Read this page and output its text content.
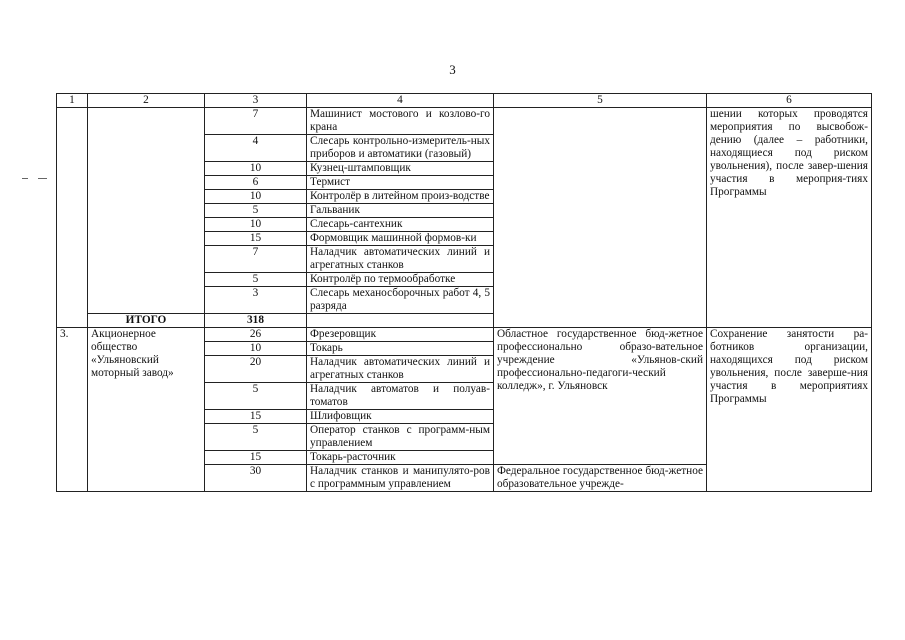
3
1	2	3	4	5	6
		7	Машинист мостового и козлово-го крана		шении которых проводятся мероприятия по высвобож-дению (далее – работники, находящиеся под риском увольнения), после завер-шения участия в мероприя-тиях Программы
		4	Слесарь контрольно-измеритель-ных приборов и автоматики (газовый)		
		10	Кузнец-штамповщик		
		6	Термист		
		10	Контролёр в литейном произ-водстве		
		5	Гальваник		
		10	Слесарь-сантехник		
		15	Формовщик машинной формов-ки		
		7	Наладчик автоматических линий и агрегатных станков		
		5	Контролёр по термообработке		
		3	Слесарь механосборочных работ 4, 5 разряда		
	ИТОГО	318			
3.	Акционерное общество «Ульяновский моторный завод»	26	Фрезеровщик	Областное государственное бюд-жетное профессионально образо-вательное учреждение «Ульянов-ский профессионально-педагоги-ческий колледж», г. Ульяновск	Сохранение занятости ра-ботников организации, находящихся под риском увольнения, после заверше-ния участия в мероприятиях Программы
		10	Токарь		
		20	Наладчик автоматических линий и агрегатных станков		
		5	Наладчик автоматов и полуав-томатов		
		15	Шлифовщик		
		5	Оператор станков с программ-ным управлением		
		15	Токарь-расточник		
		30	Наладчик станков и манипулято-ров с программным управлением	Федеральное государственное бюд-жетное образовательное учрежде-	
